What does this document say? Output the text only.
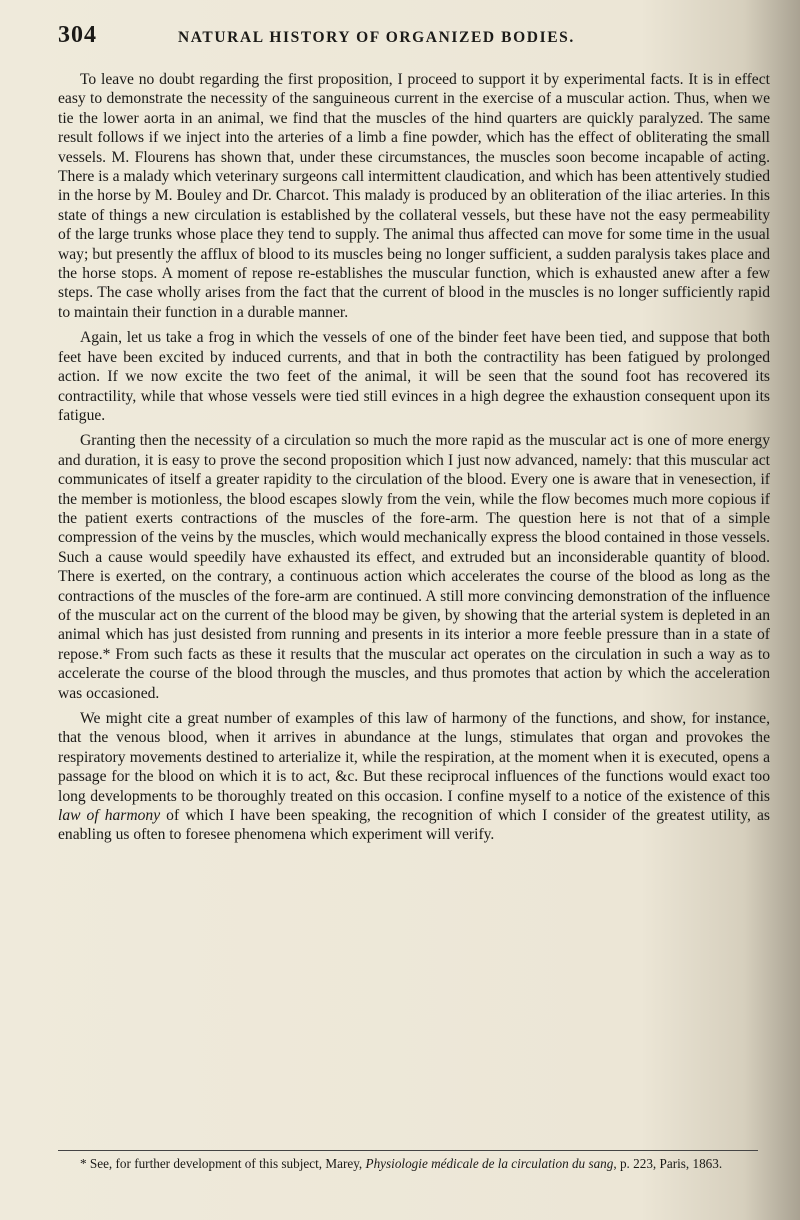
304	NATURAL HISTORY OF ORGANIZED BODIES.

To leave no doubt regarding the first proposition, I proceed to support it by experimental facts. It is in effect easy to demonstrate the necessity of the sanguineous current in the exercise of a muscular action. Thus, when we tie the lower aorta in an animal, we find that the muscles of the hind quarters are quickly paralyzed. The same result follows if we inject into the arteries of a limb a fine powder, which has the effect of obliterating the small vessels. M. Flourens has shown that, under these circumstances, the muscles soon become incapable of acting. There is a malady which veterinary surgeons call intermittent claudication, and which has been attentively studied in the horse by M. Bouley and Dr. Charcot. This malady is produced by an obliteration of the iliac arteries. In this state of things a new circulation is established by the collateral vessels, but these have not the easy permeability of the large trunks whose place they tend to supply. The animal thus affected can move for some time in the usual way; but presently the afflux of blood to its muscles being no longer sufficient, a sudden paralysis takes place and the horse stops. A moment of repose re-establishes the muscular function, which is exhausted anew after a few steps. The case wholly arises from the fact that the current of blood in the muscles is no longer sufficiently rapid to maintain their function in a durable manner.

Again, let us take a frog in which the vessels of one of the binder feet have been tied, and suppose that both feet have been excited by induced currents, and that in both the contractility has been fatigued by prolonged action. If we now excite the two feet of the animal, it will be seen that the sound foot has recovered its contractility, while that whose vessels were tied still evinces in a high degree the exhaustion consequent upon its fatigue.

Granting then the necessity of a circulation so much the more rapid as the muscular act is one of more energy and duration, it is easy to prove the second proposition which I just now advanced, namely: that this muscular act communicates of itself a greater rapidity to the circulation of the blood. Every one is aware that in venesection, if the member is motionless, the blood escapes slowly from the vein, while the flow becomes much more copious if the patient exerts contractions of the muscles of the fore-arm. The question here is not that of a simple compression of the veins by the muscles, which would mechanically express the blood contained in those vessels. Such a cause would speedily have exhausted its effect, and extruded but an inconsiderable quantity of blood. There is exerted, on the contrary, a continuous action which accelerates the course of the blood as long as the contractions of the muscles of the fore-arm are continued. A still more convincing demonstration of the influence of the muscular act on the current of the blood may be given, by showing that the arterial system is depleted in an animal which has just desisted from running and presents in its interior a more feeble pressure than in a state of repose.* From such facts as these it results that the muscular act operates on the circulation in such a way as to accelerate the course of the blood through the muscles, and thus promotes that action by which the acceleration was occasioned.

We might cite a great number of examples of this law of harmony of the functions, and show, for instance, that the venous blood, when it arrives in abundance at the lungs, stimulates that organ and provokes the respiratory movements destined to arterialize it, while the respiration, at the moment when it is executed, opens a passage for the blood on which it is to act, &c. But these reciprocal influences of the functions would exact too long developments to be thoroughly treated on this occasion. I confine myself to a notice of the existence of this law of harmony of which I have been speaking, the recognition of which I consider of the greatest utility, as enabling us often to foresee phenomena which experiment will verify.

* See, for further development of this subject, Marey, Physiologie médicale de la circulation du sang, p. 223, Paris, 1863.
